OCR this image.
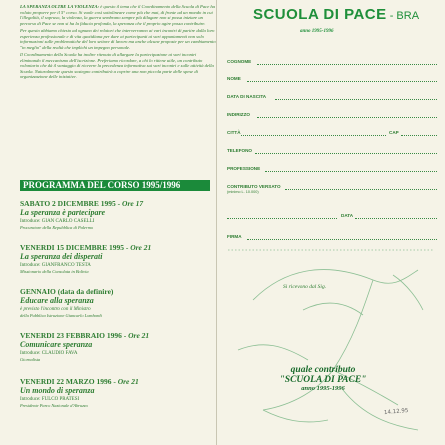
LA SPERANZA OLTRE LA VIOLENZA: è questo il tema che il Coordinamento della Scuola di Pace ha voluto proporre per il 5° corso. Si vuole così sottolineare come più che mai, di fronte ad un mondo in cui l'illegalità, il sopruso, la violenza, la guerra sembrano sempre più dilagare non si possa iniziare un percorso di Pace se non si ha la fiducia profonda, la speranza che il proprio agire possa contribuire.

Per questo abbiamo chiesto ad ognuno dei relatori che interverranno ai vari incontri di partire dalla loro esperienza professionale e di vita quotidiana per dare ai partecipanti ai vari appuntamenti non solo informazioni sulle problematiche del loro settore di lavoro ma anche alcune proposte per un cambiamento "in meglio" della realtà che implichi un impegno personale.

Il Coordinamento della Scuola ha inoltre ritenuto di allargare la partecipazione ai vari incontri eliminando il meccanismo dell'iscrizione. Preferiamo ricordare, a chi lo ritiene utile, un contributo volontario che dà il vantaggio di ricevere la precedenza informativa sui vari incontri e sulle attività della Scuola. Naturalmente questo sostegno contribuirà a coprire una non piccola parte delle spese di organizzazione delle iniziative.

PROGRAMMA DEL CORSO 1995/1996
SABATO 2 DICEMBRE 1995 - Ore 17
La speranza è partecipare
Introduce: GIAN CARLO CASELLI
Procuratore della Repubblica di Palermo
VENERDI 15 DICEMBRE 1995 - Ore 21
La speranza dei disperati
Introduce: GIANFRANCO TESTA
Missionario della Consolata in Bolivia
GENNAIO (data da definire)
Educare alla speranza
è previsto l'incontro con il Ministro
della Pubblica Istruzione Giancarlo Lombardi
VENERDI 23 FEBBRAIO 1996 - Ore 21
Comunicare speranza
Introduce: CLAUDIO FAVA
Giornalista
VENERDI 22 MARZO 1996 - Ore 21
Un mondo di speranza
Introduce: FULCO PRATESI
Presidente Parco Nazionale d'Abruzzo
SCUOLA DI PACE - BRA
anno 1995-1996
COGNOME
NOME
DATA DI NASCITA
INDIRIZZO
CITTÀ	CAP
TELEFONO
PROFESSIONE
CONTRIBUTO VERSATO
(minimo L. 10.000)
DATA
FIRMA
Si ricevono dal Sig.
quale contributo
"SCUOLA DI PACE"
anno 1995-1996
14.12.95
